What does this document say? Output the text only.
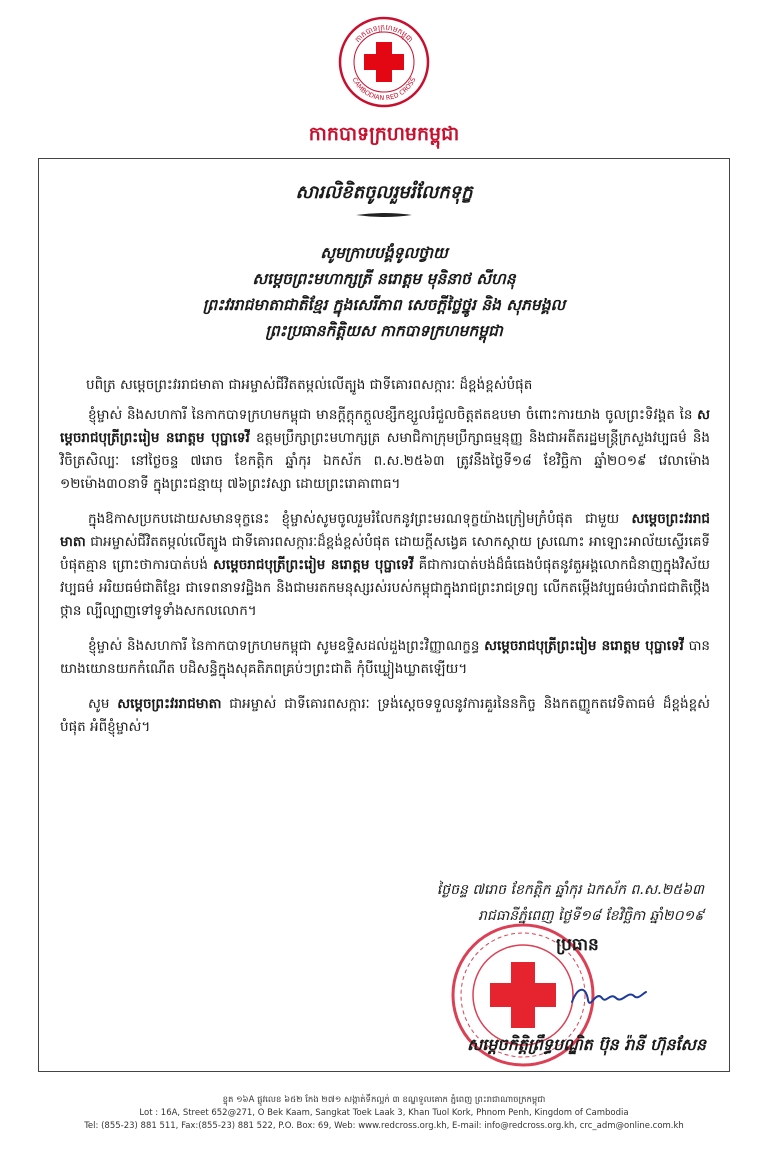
កាកបាទក្រហមកម្ពុជា
CAMBODIAN RED CROSS
កាកបាទក្រហមកម្ពុជា
សារលិខិតចូលរួមរំលែកទុក្ខ
សូមក្រាបបង្គំទូលថ្វាយ
សម្តេចព្រះមហាក្សត្រី នរោត្តម មុនិនាថ សីហនុ
ព្រះវររាជមាតាជាតិខ្មែរ ក្នុងសេរីភាព សេចក្តីថ្លៃថ្នូរ និង សុភមង្គល
ព្រះប្រធានកិត្តិយស កាកបាទក្រហមកម្ពុជា
បពិត្រ សម្តេចព្រះវររាជមាតា ជាអម្ចាស់ជីវិតតម្កល់លើត្បូង ជាទីគោរពសក្ការៈ ដ៏ខ្ពង់ខ្ពស់បំផុត

ខ្ញុំម្ចាស់ និងសហការី នៃកាកបាទក្រហមកម្ពុជា មានក្តីក្តុកក្តួលខ្សឹកខ្សួលរំជួលចិត្តឥតឧបមា ចំពោះការយាង ចូលព្រះទិវង្គត នៃ សម្តេចរាជបុត្រីព្រះរៀម នរោត្តម បុប្ផាទេវី ឧត្តមប្រឹក្សាព្រះមហាក្សត្រ សមាជិកាក្រុមប្រឹក្សាធម្មនុញ្ញ និងជាអតីតរដ្ឋមន្ត្រីក្រសួងវប្បធម៌ និងវិចិត្រសិល្បៈ នៅថ្ងៃចន្ទ ៧រោច ខែកត្តិក ឆ្នាំកុរ ឯកស័ក ព.ស.២៥៦៣ ត្រូវនឹងថ្ងៃទី១៨ ខែវិច្ឆិកា ឆ្នាំ២០១៩ វេលាម៉ោង ១២ម៉ោង៣០នាទី ក្នុងព្រះជន្មាយុ ៧៦ព្រះវស្សា ដោយព្រះរោគាពាធ។

ក្នុងឱកាសប្រកបដោយសមានទុក្ខនេះ ខ្ញុំម្ចាស់សូមចូលរួមរំលែកនូវព្រះមរណទុក្ខយ៉ាងក្រៀមក្រំបំផុត ជាមួយ សម្តេចព្រះវររាជមាតា ជាអម្ចាស់ជីវិតតម្កល់លើត្បូង ជាទីគោរពសក្ការៈដ៏ខ្ពង់ខ្ពស់បំផុត ដោយក្តីសង្វេគ សោកស្តាយ ស្រណោះ អាឡោះអាល័យស្ទើរគេទីបំផុតគ្មាន ព្រោះថាការបាត់បង់ សម្តេចរាជបុត្រីព្រះរៀម នរោត្តម បុប្ផាទេវី គឺជាការបាត់បង់ដ៏ធំធេងបំផុតនូវតួអង្គលោកជំនាញក្នុងវិស័យវប្បធម៌ អរិយធម៌ជាតិខ្មែរ ជាទេពនាទវដ្ឋិងក និងជាមរតកមនុស្សរស់របស់កម្ពុជាក្នុងរាជព្រះរាជទ្រព្យ លើកតម្កើងវប្បធម៌របាំរាជជាតិថ្កើងថ្កាន ល្បីល្បាញទៅទូទាំងសកលលោក។

ខ្ញុំម្ចាស់ និងសហការី នៃកាកបាទក្រហមកម្ពុជា សូមឧទ្ទិសដល់ដួងព្រះវិញ្ញាណក្ខន្ធ សម្តេចរាជបុត្រីព្រះរៀម នរោត្តម បុប្ផាទេវី បានយាងយោនយកកំណើត បដិសន្ធិក្នុងសុគតិភពគ្រប់ៗព្រះជាតិ កុំបីឃ្លៀងឃ្លាតឡើយ។

សូម សម្តេចព្រះវររាជមាតា ជាអម្ចាស់ ជាទីគោរពសក្ការៈ ទ្រង់ស្តេចទទួលនូវការគួរនៃនកិច្ច និងកតញ្ញូកតវេទិតាធម៌ ដ៏ខ្ពង់ខ្ពស់បំផុត អំពីខ្ញុំម្ចាស់។

ថ្ងៃចន្ទ ៧រោច ខែកត្តិក ឆ្នាំកុរ ឯកស័ក ព.ស.២៥៦៣
រាជធានីភ្នំពេញ ថ្ងៃទី១៨ ខែវិច្ឆិកា ឆ្នាំ២០១៩
ប្រធាន
សម្តេចកិត្តិព្រឹទ្ធបណ្ឌិត ប៊ុន រ៉ានី ហ៊ុនសែន
ខ្ទុត ១៦A ផ្លូវលេខ ៦៥២ កែង ២៧១ សង្កាត់ទឹកល្អក់ ៣ ខណ្ឌទួលគោក ភ្នំពេញ ព្រះរាជាណាចក្រកម្ពុជា
Lot : 16A, Street 652@271, O Bek Kaam, Sangkat Toek Laak 3, Khan Tuol Kork, Phnom Penh, Kingdom of Cambodia
Tel: (855-23) 881 511, Fax:(855-23) 881 522, P.O. Box: 69, Web: www.redcross.org.kh, E-mail: info@redcross.org.kh, crc_adm@online.com.kh
